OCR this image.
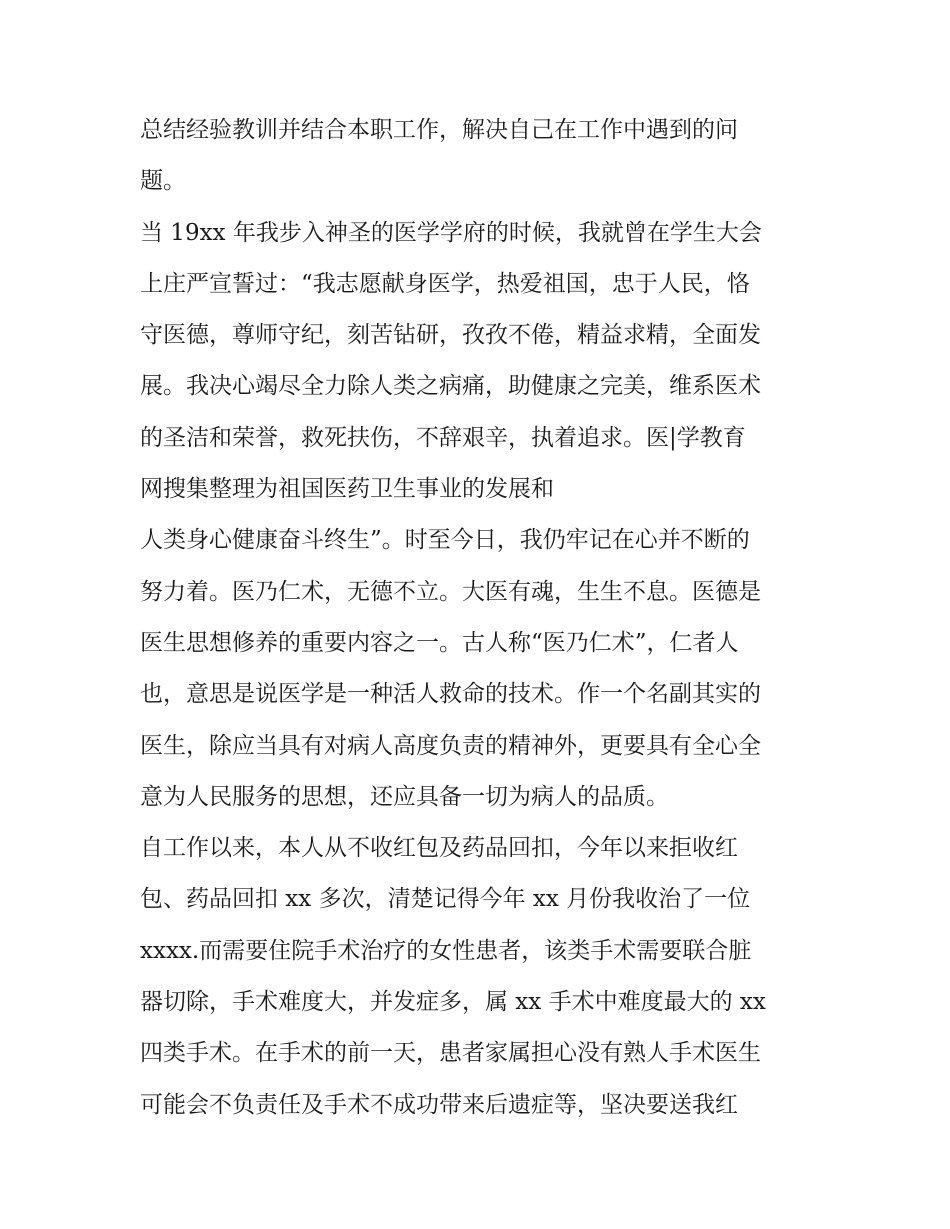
总结经验教训并结合本职工作，解决自己在工作中遇到的问
题。
当 19xx 年我步入神圣的医学学府的时候，我就曾在学生大会
上庄严宣誓过：“我志愿献身医学，热爱祖国，忠于人民，恪
守医德，尊师守纪，刻苦钻研，孜孜不倦，精益求精，全面发
展。我决心竭尽全力除人类之病痛，助健康之完美，维系医术
的圣洁和荣誉，救死扶伤，不辞艰辛，执着追求。医|学教育
网搜集整理为祖国医药卫生事业的发展和
人类身心健康奋斗终生”。时至今日，我仍牢记在心并不断的
努力着。医乃仁术，无德不立。大医有魂，生生不息。医德是
医生思想修养的重要内容之一。古人称“医乃仁术”，仁者人
也，意思是说医学是一种活人救命的技术。作一个名副其实的
医生，除应当具有对病人高度负责的精神外，更要具有全心全
意为人民服务的思想，还应具备一切为病人的品质。
自工作以来，本人从不收红包及药品回扣，今年以来拒收红
包、药品回扣 xx 多次，清楚记得今年 xx 月份我收治了一位
xxxx.而需要住院手术治疗的女性患者，该类手术需要联合脏
器切除，手术难度大，并发症多，属 xx 手术中难度最大的 xx
四类手术。在手术的前一天，患者家属担心没有熟人手术医生
可能会不负责任及手术不成功带来后遗症等，坚决要送我红
